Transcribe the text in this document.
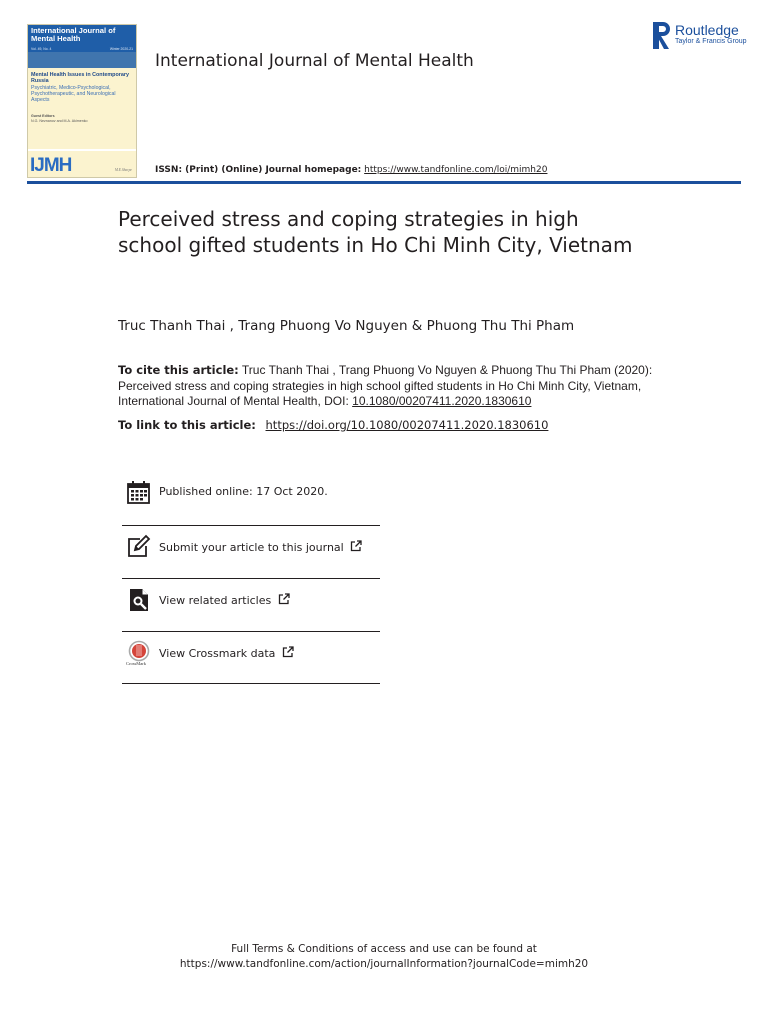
International Journal of Mental Health
Vol. 49, No. 4	Winter 2020-21
Mental Health Issues in Contemporary Russia
Psychiatric, Medico-Psychological, Psychotherapeutic, and Neurological Aspects
Guest Editors
N.G. Neznanov and M.A. Akimenko
IJMH	M.E.Sharpe
International Journal of Mental Health
ISSN: (Print) (Online) Journal homepage: https://www.tandfonline.com/loi/mimh20
Routledge
Taylor & Francis Group
Perceived stress and coping strategies in high school gifted students in Ho Chi Minh City, Vietnam
Truc Thanh Thai , Trang Phuong Vo Nguyen & Phuong Thu Thi Pham
To cite this article: Truc Thanh Thai , Trang Phuong Vo Nguyen & Phuong Thu Thi Pham (2020): Perceived stress and coping strategies in high school gifted students in Ho Chi Minh City, Vietnam, International Journal of Mental Health, DOI: 10.1080/00207411.2020.1830610
To link to this article: https://doi.org/10.1080/00207411.2020.1830610
Published online: 17 Oct 2020.
Submit your article to this journal
View related articles
CrossMark
View Crossmark data
Full Terms & Conditions of access and use can be found at
https://www.tandfonline.com/action/journalInformation?journalCode=mimh20
